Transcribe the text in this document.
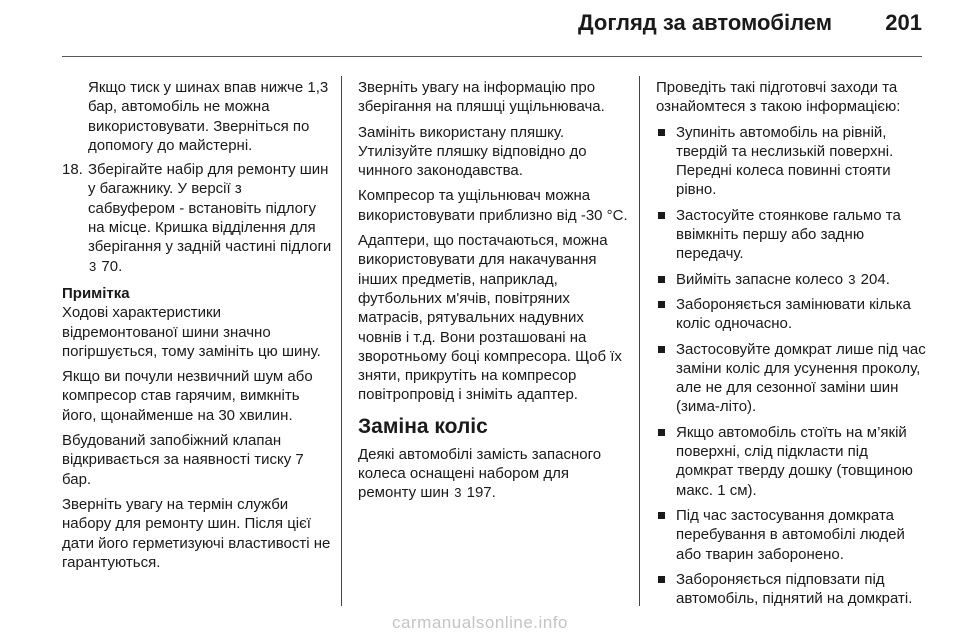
Догляд за автомобілем 201
Якщо тиск у шинах впав нижче 1,3 бар, автомобіль не можна використовувати. Зверніться по допомогу до майстерні.
18. Зберігайте набір для ремонту шин у багажнику. У версії з сабвуфером - встановіть підлогу на місце. Кришка відділення для зберігання у задній частині підлоги 3 70.
Примітка
Ходові характеристики відремонтованої шини значно погіршується, тому замініть цю шину.
Якщо ви почули незвичний шум або компресор став гарячим, вимкніть його, щонайменше на 30 хвилин.
Вбудований запобіжний клапан відкривається за наявності тиску 7 бар.
Зверніть увагу на термін служби набору для ремонту шин. Після цієї дати його герметизуючі властивості не гарантуються.
Зверніть увагу на інформацію про зберігання на пляшці ущільнювача.
Замініть використану пляшку. Утилізуйте пляшку відповідно до чинного законодавства.
Компресор та ущільнювач можна використовувати приблизно від -30 °C.
Адаптери, що постачаються, можна використовувати для накачування інших предметів, наприклад, футбольних м'ячів, повітряних матрасів, рятувальних надувних човнів і т.д. Вони розташовані на зворотньому боці компресора. Щоб їх зняти, прикрутіть на компресор повітропровід і зніміть адаптер.
Заміна коліс
Деякі автомобілі замість запасного колеса оснащені набором для ремонту шин 3 197.
Проведіть такі підготовчі заходи та ознайомтеся з такою інформацією:
Зупиніть автомобіль на рівній, твердій та неслизькій поверхні. Передні колеса повинні стояти рівно.
Застосуйте стоянкове гальмо та ввімкніть першу або задню передачу.
Вийміть запасне колесо 3 204.
Забороняється замінювати кілька коліс одночасно.
Застосовуйте домкрат лише під час заміни коліс для усунення проколу, але не для сезонної заміни шин (зима-літо).
Якщо автомобіль стоїть на м’якій поверхні, слід підкласти під домкрат тверду дошку (товщиною макс. 1 см).
Під час застосування домкрата перебування в автомобілі людей або тварин заборонено.
Забороняється підповзати під автомобіль, піднятий на домкраті.
carmanualsonline.info
